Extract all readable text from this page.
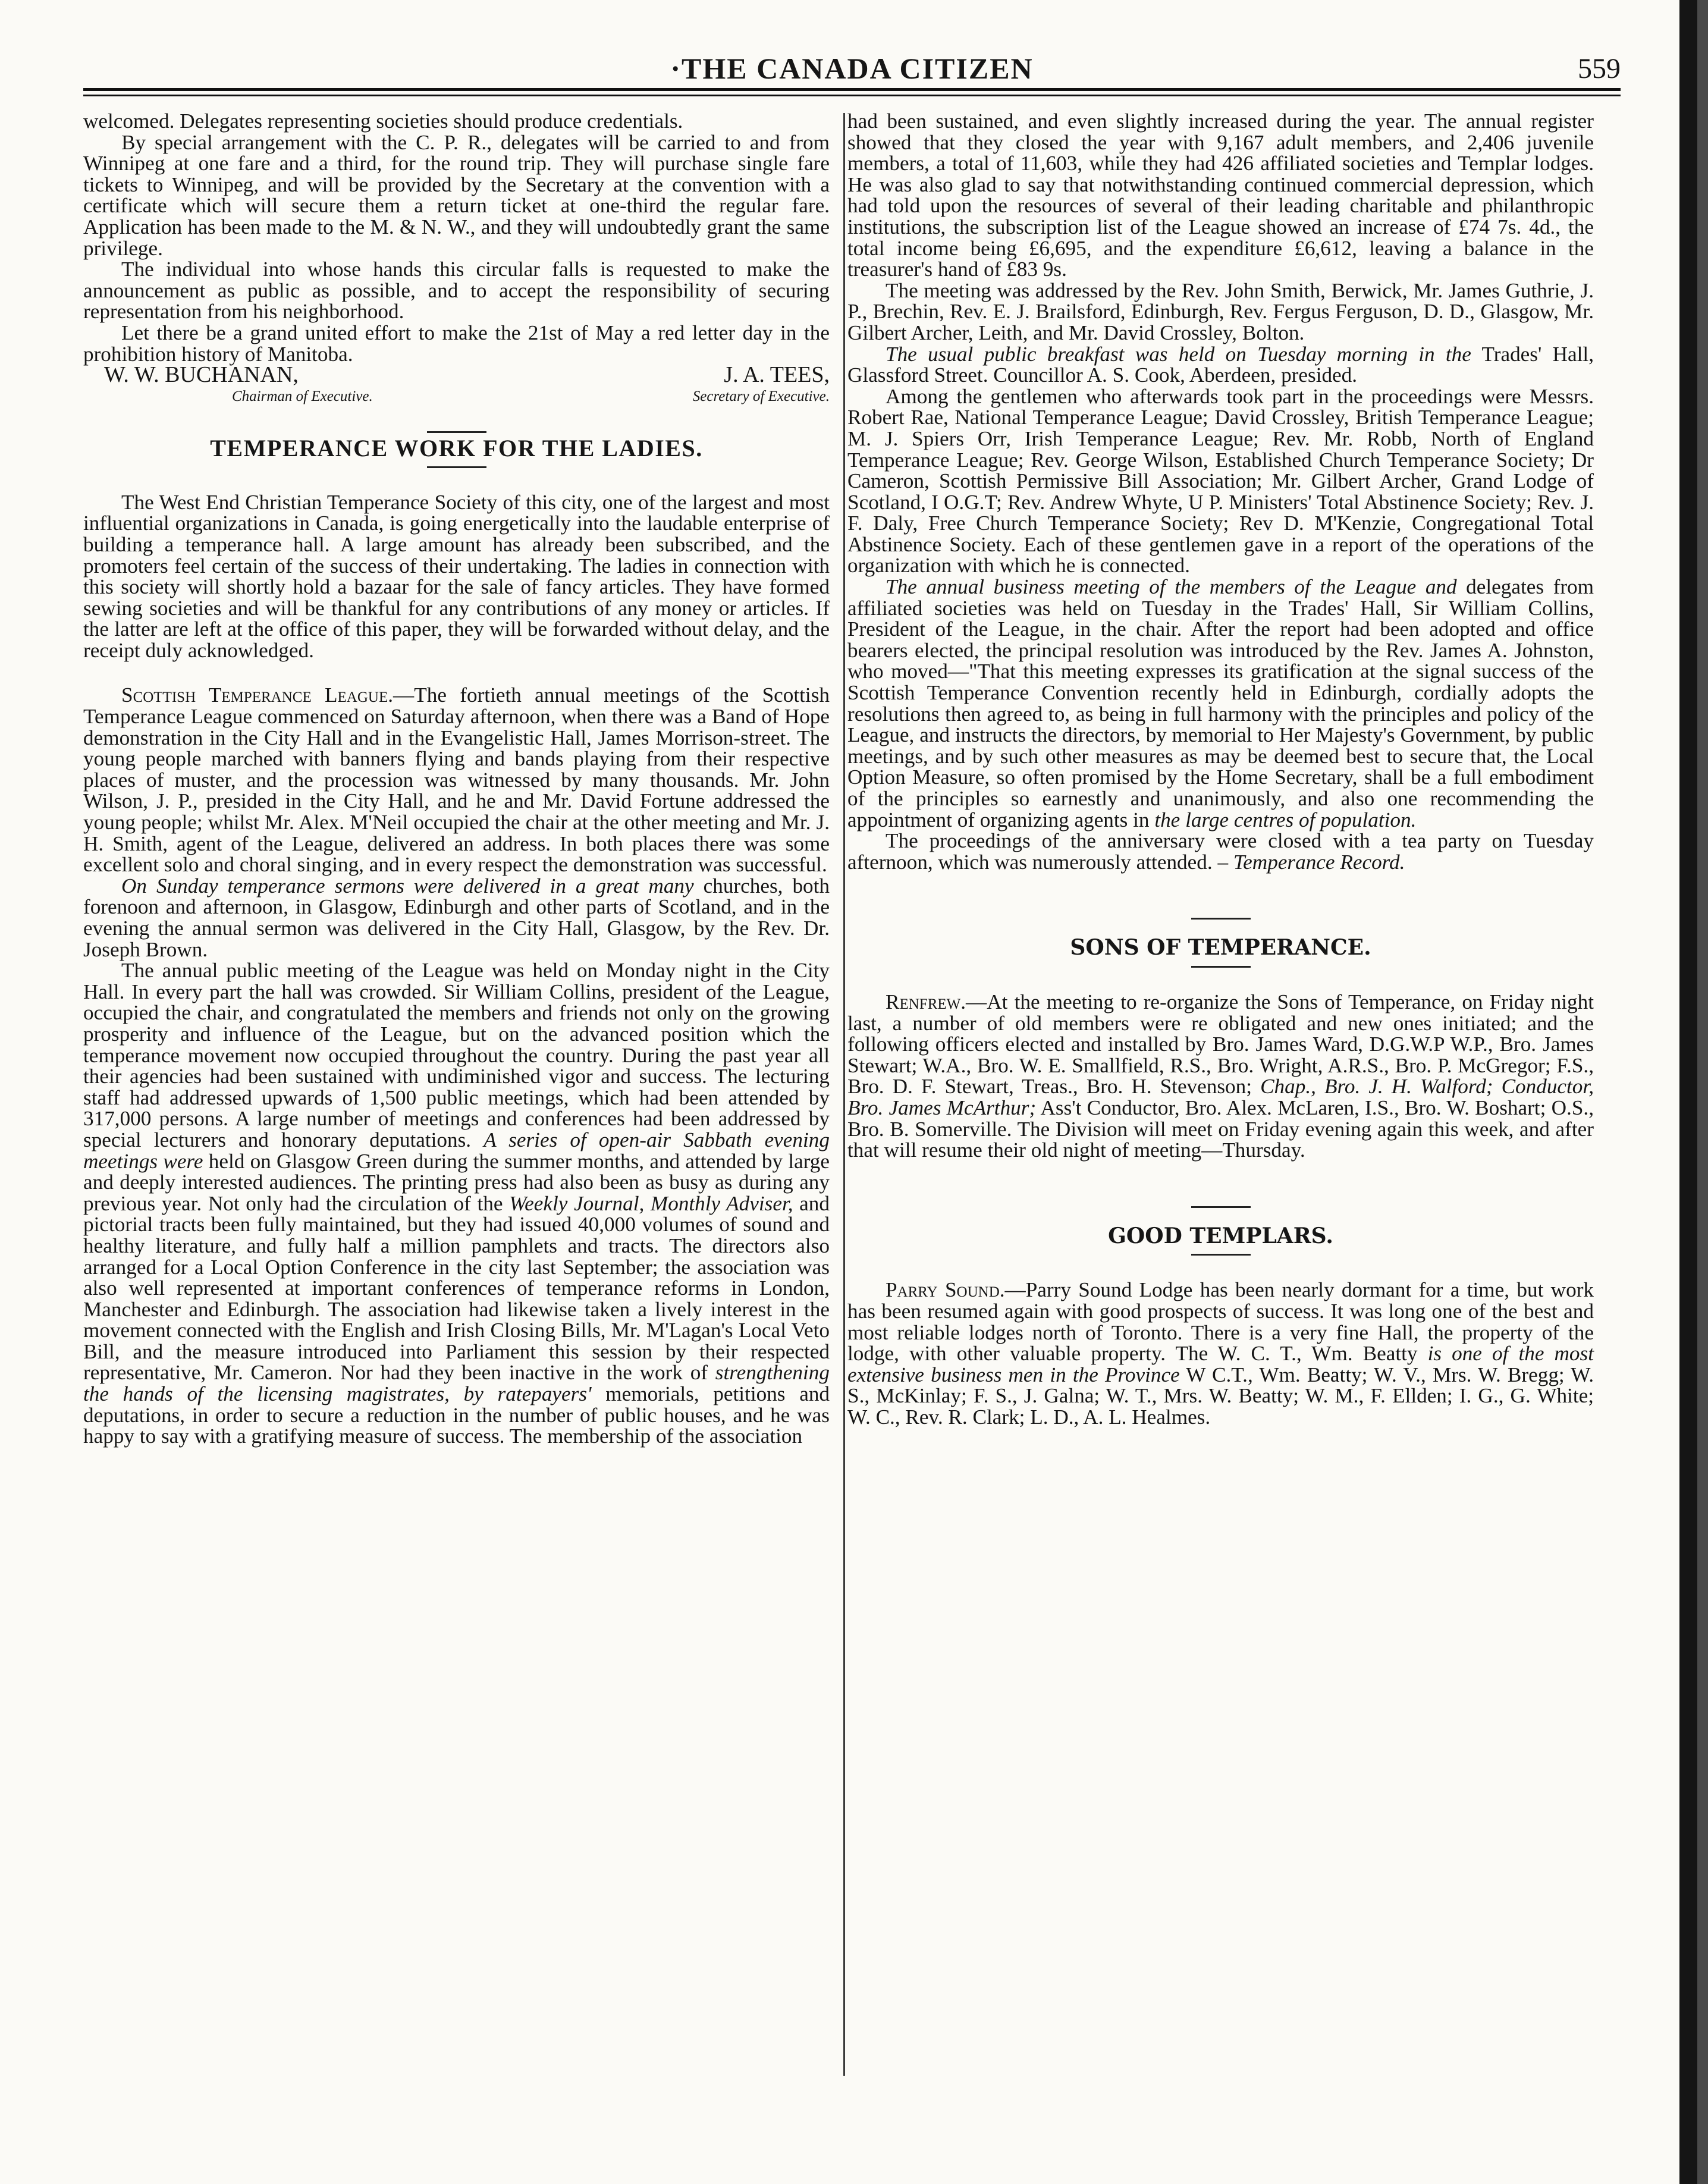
·THE CANADA CITIZEN	559

welcomed. Delegates representing societies should produce credentials.

By special arrangement with the C. P. R., delegates will be carried to and from Winnipeg at one fare and a third, for the round trip. They will purchase single fare tickets to Winnipeg, and will be provided by the Secretary at the convention with a certificate which will secure them a return ticket at one-third the regular fare. Application has been made to the M. & N. W., and they will undoubtedly grant the same privilege.

The individual into whose hands this circular falls is requested to make the announcement as public as possible, and to accept the responsibility of securing representation from his neighborhood.

Let there be a grand united effort to make the 21st of May a red letter day in the prohibition history of Manitoba.

W. W. BUCHANAN,
Chairman of Executive.
J. A. TEES,
Secretary of Executive.
TEMPERANCE WORK FOR THE LADIES.

The West End Christian Temperance Society of this city, one of the largest and most influential organizations in Canada, is going energetically into the laudable enterprise of building a temperance hall. A large amount has already been subscribed, and the promoters feel certain of the success of their undertaking. The ladies in connection with this society will shortly hold a bazaar for the sale of fancy articles. They have formed sewing societies and will be thankful for any contributions of any money or articles. If the latter are left at the office of this paper, they will be forwarded without delay, and the receipt duly acknowledged.

Scottish Temperance League.—The fortieth annual meetings of the Scottish Temperance League commenced on Saturday afternoon, when there was a Band of Hope demonstration in the City Hall and in the Evangelistic Hall, James Morrison-street. The young people marched with banners flying and bands playing from their respective places of muster, and the procession was witnessed by many thousands. Mr. John Wilson, J. P., presided in the City Hall, and he and Mr. David Fortune addressed the young people; whilst Mr. Alex. M'Neil occupied the chair at the other meeting and Mr. J. H. Smith, agent of the League, delivered an address. In both places there was some excellent solo and choral singing, and in every respect the demonstration was successful.

On Sunday temperance sermons were delivered in a great many churches, both forenoon and afternoon, in Glasgow, Edinburgh and other parts of Scotland, and in the evening the annual sermon was delivered in the City Hall, Glasgow, by the Rev. Dr. Joseph Brown.

The annual public meeting of the League was held on Monday night in the City Hall. In every part the hall was crowded. Sir William Collins, president of the League, occupied the chair, and congratulated the members and friends not only on the growing prosperity and influence of the League, but on the advanced position which the temperance movement now occupied throughout the country. During the past year all their agencies had been sustained with undiminished vigor and success. The lecturing staff had addressed upwards of 1,500 public meetings, which had been attended by 317,000 persons. A large number of meetings and conferences had been addressed by special lecturers and honorary deputations. A series of open-air Sabbath evening meetings were held on Glasgow Green during the summer months, and attended by large and deeply interested audiences. The printing press had also been as busy as during any previous year. Not only had the circulation of the Weekly Journal, Monthly Adviser, and pictorial tracts been fully maintained, but they had issued 40,000 volumes of sound and healthy literature, and fully half a million pamphlets and tracts. The directors also arranged for a Local Option Conference in the city last September; the association was also well represented at important conferences of temperance reforms in London, Manchester and Edinburgh. The association had likewise taken a lively interest in the movement connected with the English and Irish Closing Bills, Mr. M'Lagan's Local Veto Bill, and the measure introduced into Parliament this session by their respected representative, Mr. Cameron. Nor had they been inactive in the work of strengthening the hands of the licensing magistrates, by ratepayers' memorials, petitions and deputations, in order to secure a reduction in the number of public houses, and he was happy to say with a gratifying measure of success. The membership of the association

had been sustained, and even slightly increased during the year. The annual register showed that they closed the year with 9,167 adult members, and 2,406 juvenile members, a total of 11,603, while they had 426 affiliated societies and Templar lodges. He was also glad to say that notwithstanding continued commercial depression, which had told upon the resources of several of their leading charitable and philanthropic institutions, the subscription list of the League showed an increase of £74 7s. 4d., the total income being £6,695, and the expenditure £6,612, leaving a balance in the treasurer's hand of £83 9s.

The meeting was addressed by the Rev. John Smith, Berwick, Mr. James Guthrie, J. P., Brechin, Rev. E. J. Brailsford, Edinburgh, Rev. Fergus Ferguson, D. D., Glasgow, Mr. Gilbert Archer, Leith, and Mr. David Crossley, Bolton.

The usual public breakfast was held on Tuesday morning in the Trades' Hall, Glassford Street. Councillor A. S. Cook, Aberdeen, presided.

Among the gentlemen who afterwards took part in the proceedings were Messrs. Robert Rae, National Temperance League; David Crossley, British Temperance League; M. J. Spiers Orr, Irish Temperance League; Rev. Mr. Robb, North of England Temperance League; Rev. George Wilson, Established Church Temperance Society; Dr Cameron, Scottish Permissive Bill Association; Mr. Gilbert Archer, Grand Lodge of Scotland, I O.G.T; Rev. Andrew Whyte, U P. Ministers' Total Abstinence Society; Rev. J. F. Daly, Free Church Temperance Society; Rev D. M'Kenzie, Congregational Total Abstinence Society. Each of these gentlemen gave in a report of the operations of the organization with which he is connected.

The annual business meeting of the members of the League and delegates from affiliated societies was held on Tuesday in the Trades' Hall, Sir William Collins, President of the League, in the chair. After the report had been adopted and office bearers elected, the principal resolution was introduced by the Rev. James A. Johnston, who moved—"That this meeting expresses its gratification at the signal success of the Scottish Temperance Convention recently held in Edinburgh, cordially adopts the resolutions then agreed to, as being in full harmony with the principles and policy of the League, and instructs the directors, by memorial to Her Majesty's Government, by public meetings, and by such other measures as may be deemed best to secure that, the Local Option Measure, so often promised by the Home Secretary, shall be a full embodiment of the principles so earnestly and unanimously, and also one recommending the appointment of organizing agents in the large centres of population.

The proceedings of the anniversary were closed with a tea party on Tuesday afternoon, which was numerously attended. – Temperance Record.

SONS OF TEMPERANCE.

Renfrew.—At the meeting to re-organize the Sons of Temperance, on Friday night last, a number of old members were re obligated and new ones initiated; and the following officers elected and installed by Bro. James Ward, D.G.W.P W.P., Bro. James Stewart; W.A., Bro. W. E. Smallfield, R.S., Bro. Wright, A.R.S., Bro. P. McGregor; F.S., Bro. D. F. Stewart, Treas., Bro. H. Stevenson; Chap., Bro. J. H. Walford; Conductor, Bro. James McArthur; Ass't Conductor, Bro. Alex. McLaren, I.S., Bro. W. Boshart; O.S., Bro. B. Somerville. The Division will meet on Friday evening again this week, and after that will resume their old night of meeting—Thursday.

GOOD TEMPLARS.

Parry Sound.—Parry Sound Lodge has been nearly dormant for a time, but work has been resumed again with good prospects of success. It was long one of the best and most reliable lodges north of Toronto. There is a very fine Hall, the property of the lodge, with other valuable property. The W. C. T., Wm. Beatty is one of the most extensive business men in the Province W C.T., Wm. Beatty; W. V., Mrs. W. Bregg; W. S., McKinlay; F. S., J. Galna; W. T., Mrs. W. Beatty; W. M., F. Ellden; I. G., G. White; W. C., Rev. R. Clark; L. D., A. L. Healmes.
